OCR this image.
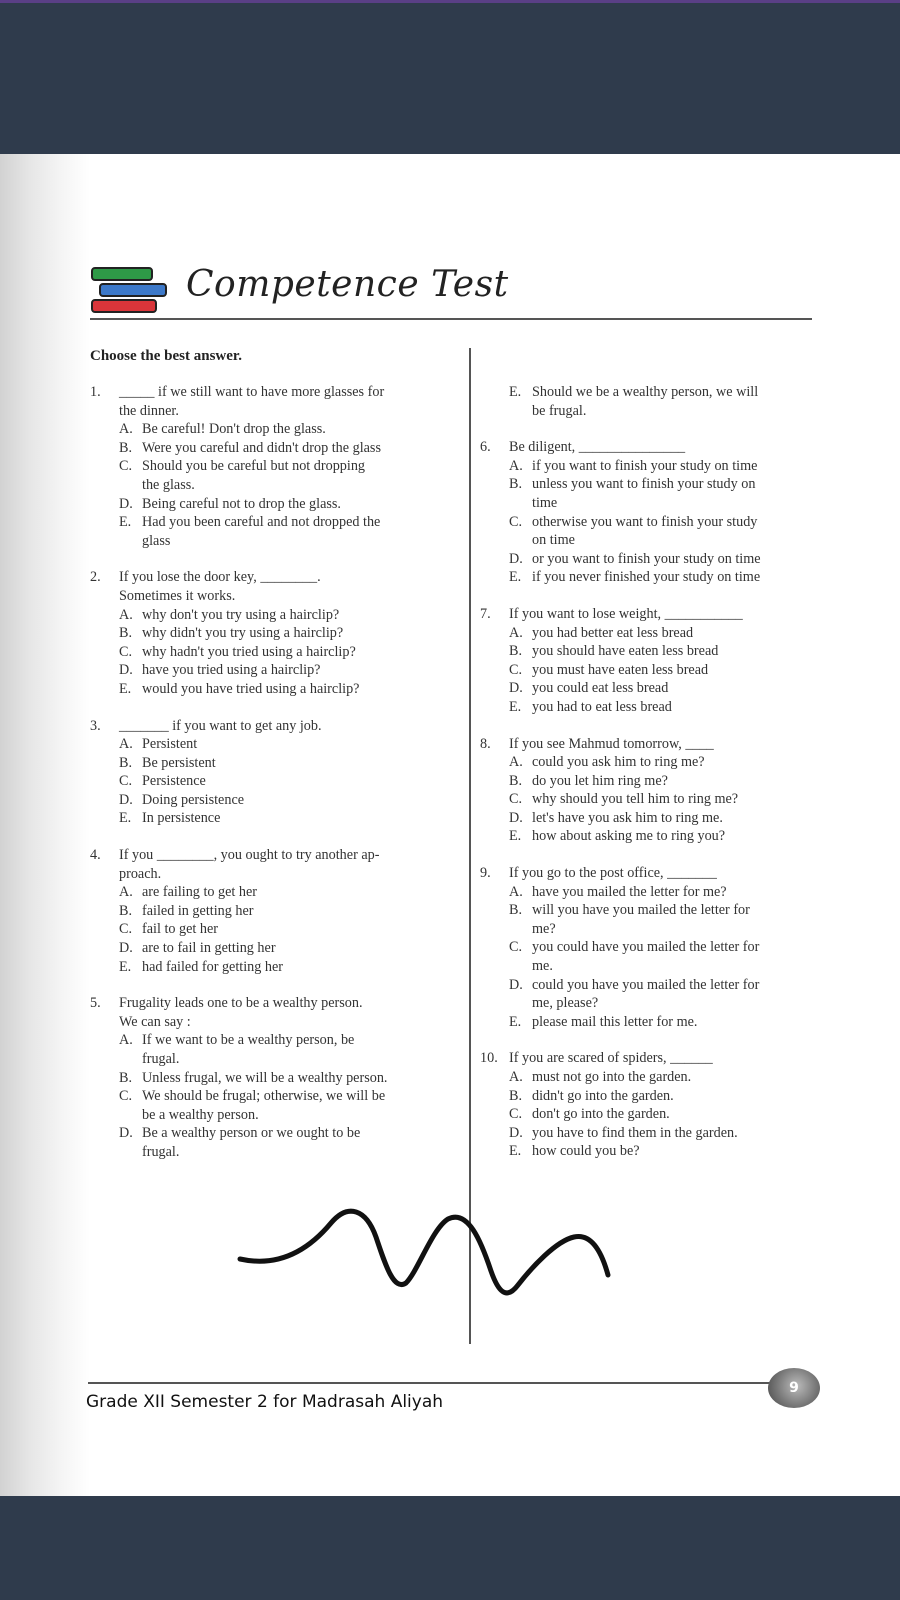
Competence Test
Choose the best answer.
1.	_____ if we still want to have more glasses for
the dinner.
A. Be careful! Don't drop the glass.
B. Were you careful and didn't drop the glass
C. Should you be careful but not dropping
the glass.
D. Being careful not to drop the glass.
E. Had you been careful and not dropped the
glass
2.	If you lose the door key, ________.
Sometimes it works.
A. why don't you try using a hairclip?
B. why didn't you try using a hairclip?
C. why hadn't you tried using a hairclip?
D. have you tried using a hairclip?
E. would you have tried using a hairclip?
3.	_______ if you want to get any job.
A. Persistent
B. Be persistent
C. Persistence
D. Doing persistence
E. In persistence
4.	If you ________, you ought to try another ap-
proach.
A. are failing to get her
B. failed in getting her
C. fail to get her
D. are to fail in getting her
E. had failed for getting her
5.	Frugality leads one to be a wealthy person.
We can say :
A. If we want to be a wealthy person, be
frugal.
B. Unless frugal, we will be a wealthy person.
C. We should be frugal; otherwise, we will be
be a wealthy person.
D. Be a wealthy person or we ought to be
frugal.
E. Should we be a wealthy person, we will
be frugal.
6.	Be diligent, _______________
A. if you want to finish your study on time
B. unless you want to finish your study on
time
C. otherwise you want to finish your study
on time
D. or you want to finish your study on time
E. if you never finished your study on time
7.	If you want to lose weight, ___________
A. you had better eat less bread
B. you should have eaten less bread
C. you must have eaten less bread
D. you could eat less bread
E. you had to eat less bread
8.	If you see Mahmud tomorrow, ____
A. could you ask him to ring me?
B. do you let him ring me?
C. why should you tell him to ring me?
D. let's have you ask him to ring me.
E. how about asking me to ring you?
9.	If you go to the post office, _______
A. have you mailed the letter for me?
B. will you have you mailed the letter for
me?
C. you could have you mailed the letter for
me.
D. could you have you mailed the letter for
me, please?
E. please mail this letter for me.
10. If you are scared of spiders, ______
A. must not go into the garden.
B. didn't go into the garden.
C. don't go into the garden.
D. you have to find them in the garden.
E. how could you be?
Grade XII Semester 2 for Madrasah Aliyah
9
